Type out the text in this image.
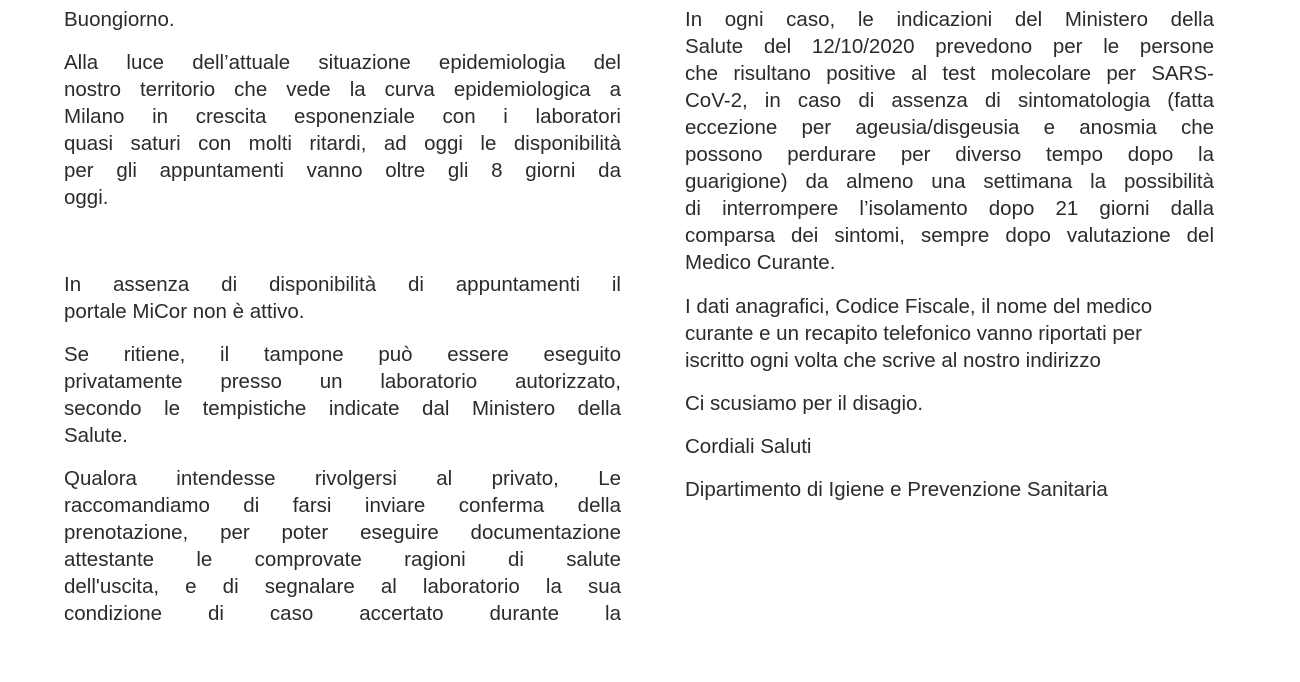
Buongiorno.

Alla luce dell’attuale situazione epidemiologia del
nostro territorio che vede la curva epidemiologica a
Milano in crescita esponenziale con i laboratori
quasi saturi con molti ritardi, ad oggi le disponibilità
per gli appuntamenti vanno oltre gli 8 giorni da
oggi.
In assenza di disponibilità di appuntamenti il
portale MiCor non è attivo.
Se ritiene, il tampone può essere eseguito
privatamente presso un laboratorio autorizzato,
secondo le tempistiche indicate dal Ministero della
Salute.
Qualora intendesse rivolgersi al privato, Le
raccomandiamo di farsi inviare conferma della
prenotazione, per poter eseguire documentazione
attestante le comprovate ragioni di salute
dell'uscita, e di segnalare al laboratorio la sua
condizione di caso accertato durante la
In ogni caso, le indicazioni del Ministero della
Salute del 12/10/2020 prevedono per le persone
che risultano positive al test molecolare per SARS-
CoV-2, in caso di assenza di sintomatologia (fatta
eccezione per ageusia/disgeusia e anosmia che
possono perdurare per diverso tempo dopo la
guarigione) da almeno una settimana la possibilità
di interrompere l’isolamento dopo 21 giorni dalla
comparsa dei sintomi, sempre dopo valutazione del
Medico Curante.
I dati anagrafici, Codice Fiscale, il nome del medico
curante e un recapito telefonico vanno riportati per
iscritto ogni volta che scrive al nostro indirizzo

Ci scusiamo per il disagio.

Cordiali Saluti

Dipartimento di Igiene e Prevenzione Sanitaria
